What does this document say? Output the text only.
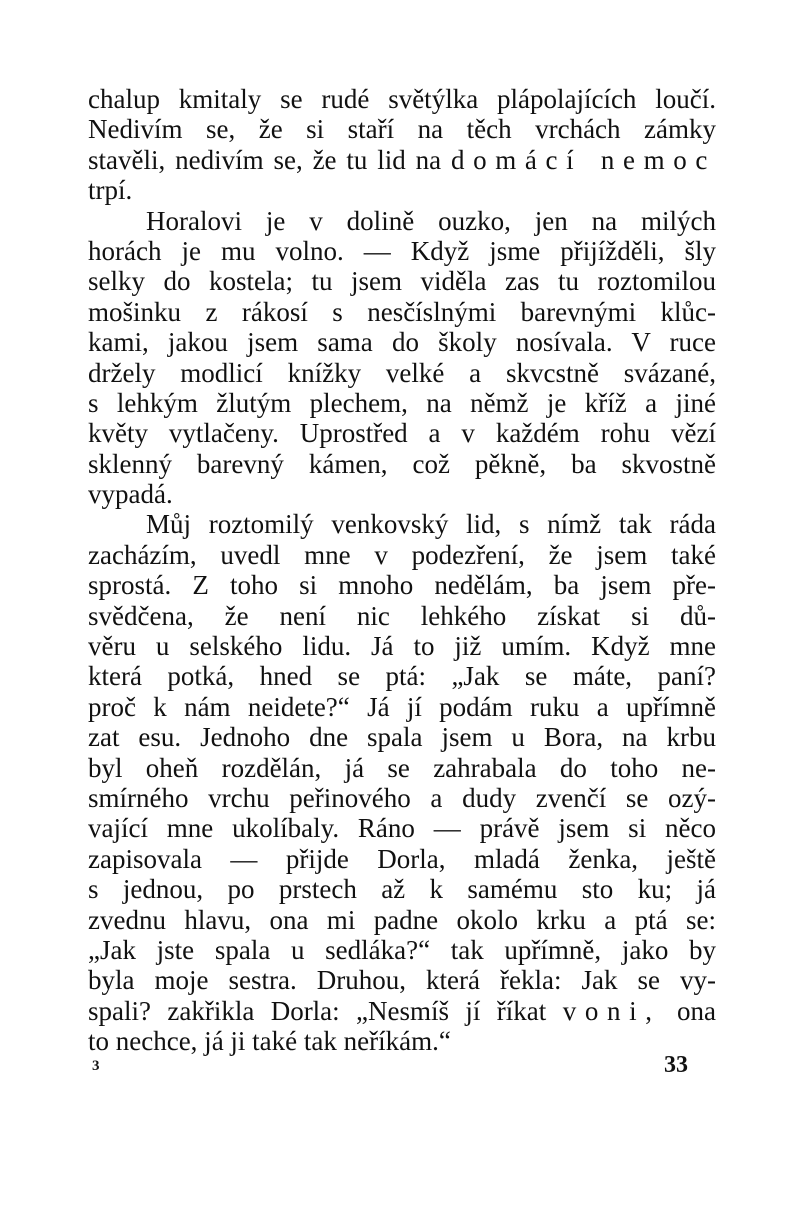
chalup kmitaly se rudé světýlka plápolajících loučí.
Nedivím se, že si staří na těch vrchách zámky
stavěli, nedivím se, že tu lid na domácí nemoc
trpí.
Horalovi je v dolině ouzko, jen na milých
horách je mu volno. — Když jsme přijížděli, šly
selky do kostela; tu jsem viděla zas tu roztomilou
mošinku z rákosí s nesčíslnými barevnými klůc-
kami, jakou jsem sama do školy nosívala. V ruce
držely modlicí knížky velké a skvcstně svázané,
s lehkým žlutým plechem, na němž je kříž a jiné
květy vytlačeny. Uprostřed a v každém rohu vězí
sklenný barevný kámen, což pěkně, ba skvostně
vypadá.
Můj roztomilý venkovský lid, s nímž tak ráda
zacházím, uvedl mne v podezření, že jsem také
sprostá. Z toho si mnoho nedělám, ba jsem pře-
svědčena, že není nic lehkého získat si dů-
věru u selského lidu. Já to již umím. Když mne
která potká, hned se ptá: „Jak se máte, paní?
proč k nám neidete?“ Já jí podám ruku a upřímně
zat esu. Jednoho dne spala jsem u Bora, na krbu
byl oheň rozdělán, já se zahrabala do toho ne-
smírného vrchu peřinového a dudy zvenčí se ozý-
vající mne ukolíbaly. Ráno — právě jsem si něco
zapisovala — přijde Dorla, mladá ženka, ještě
s jednou, po prstech až k samému sto ku; já
zvednu hlavu, ona mi padne okolo krku a ptá se:
„Jak jste spala u sedláka?“ tak upřímně, jako by
byla moje sestra. Druhou, která řekla: Jak se vy-
spali? zakřikla Dorla: „Nesmíš jí říkat voni, ona
to nechce, já ji také tak neříkám.“
3	33
